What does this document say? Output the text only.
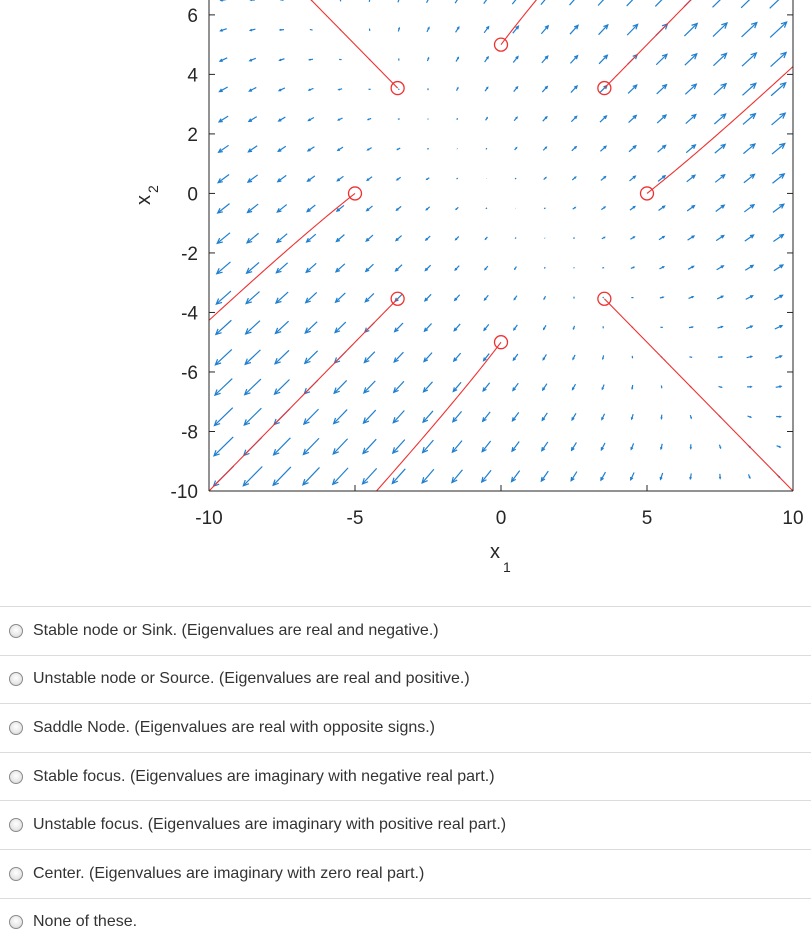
-10	-5	0	5	10
6
4
2
0
-2
-4
-6
-8
-10
x
1
x
2
Stable node or Sink. (Eigenvalues are real and negative.)
Unstable node or Source. (Eigenvalues are real and positive.)
Saddle Node. (Eigenvalues are real with opposite signs.)
Stable focus. (Eigenvalues are imaginary with negative real part.)
Unstable focus. (Eigenvalues are imaginary with positive real part.)
Center. (Eigenvalues are imaginary with zero real part.)
None of these.
